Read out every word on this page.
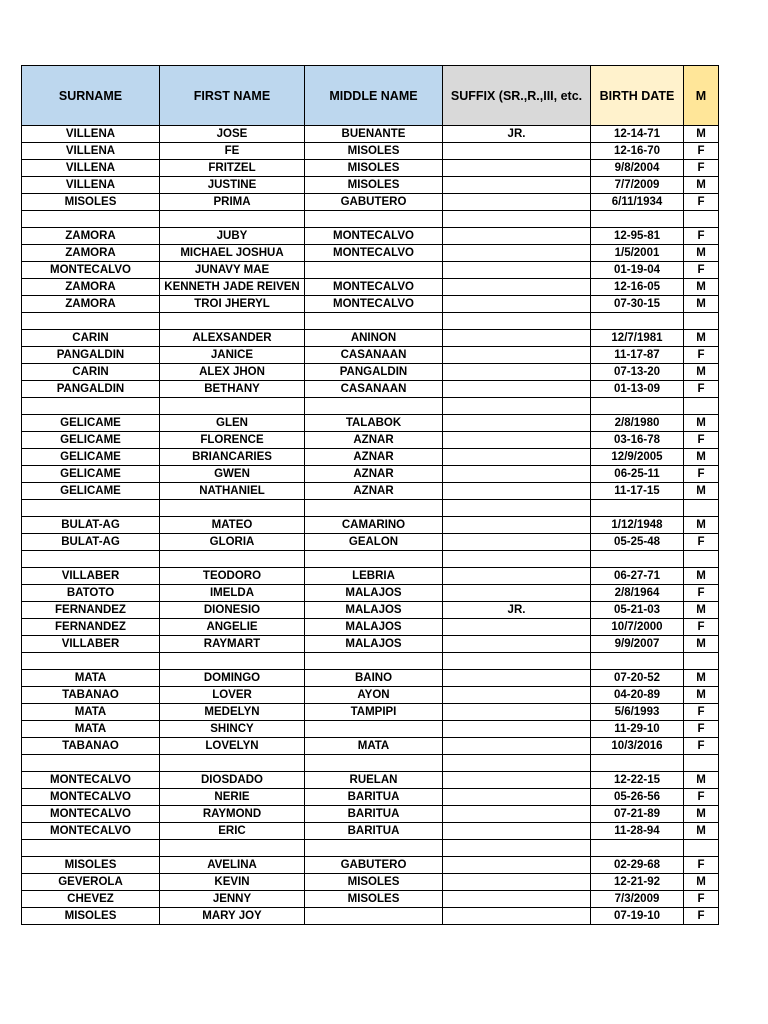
SURNAME	FIRST NAME	MIDDLE NAME	SUFFIX (SR.,R.,III, etc.	BIRTH DATE	M
VILLENA	JOSE	BUENANTE	JR.	12-14-71	M
VILLENA	FE	MISOLES		12-16-70	F
VILLENA	FRITZEL	MISOLES		9/8/2004	F
VILLENA	JUSTINE	MISOLES		7/7/2009	M
MISOLES	PRIMA	GABUTERO		6/11/1934	F

ZAMORA	JUBY	MONTECALVO		12-95-81	F
ZAMORA	MICHAEL JOSHUA	MONTECALVO		1/5/2001	M
MONTECALVO	JUNAVY MAE			01-19-04	F
ZAMORA	KENNETH JADE REIVEN	MONTECALVO		12-16-05	M
ZAMORA	TROI JHERYL	MONTECALVO		07-30-15	M

CARIN	ALEXSANDER	ANINON		12/7/1981	M
PANGALDIN	JANICE	CASANAAN		11-17-87	F
CARIN	ALEX JHON	PANGALDIN		07-13-20	M
PANGALDIN	BETHANY	CASANAAN		01-13-09	F

GELICAME	GLEN	TALABOK		2/8/1980	M
GELICAME	FLORENCE	AZNAR		03-16-78	F
GELICAME	BRIANCARIES	AZNAR		12/9/2005	M
GELICAME	GWEN	AZNAR		06-25-11	F
GELICAME	NATHANIEL	AZNAR		11-17-15	M

BULAT-AG	MATEO	CAMARINO		1/12/1948	M
BULAT-AG	GLORIA	GEALON		05-25-48	F

VILLABER	TEODORO	LEBRIA		06-27-71	M
BATOTO	IMELDA	MALAJOS		2/8/1964	F
FERNANDEZ	DIONESIO	MALAJOS	JR.	05-21-03	M
FERNANDEZ	ANGELIE	MALAJOS		10/7/2000	F
VILLABER	RAYMART	MALAJOS		9/9/2007	M

MATA	DOMINGO	BAINO		07-20-52	M
TABANAO	LOVER	AYON		04-20-89	M
MATA	MEDELYN	TAMPIPI		5/6/1993	F
MATA	SHINCY			11-29-10	F
TABANAO	LOVELYN	MATA		10/3/2016	F

MONTECALVO	DIOSDADO	RUELAN		12-22-15	M
MONTECALVO	NERIE	BARITUA		05-26-56	F
MONTECALVO	RAYMOND	BARITUA		07-21-89	M
MONTECALVO	ERIC	BARITUA		11-28-94	M

MISOLES	AVELINA	GABUTERO		02-29-68	F
GEVEROLA	KEVIN	MISOLES		12-21-92	M
CHEVEZ	JENNY	MISOLES		7/3/2009	F
MISOLES	MARY JOY			07-19-10	F
